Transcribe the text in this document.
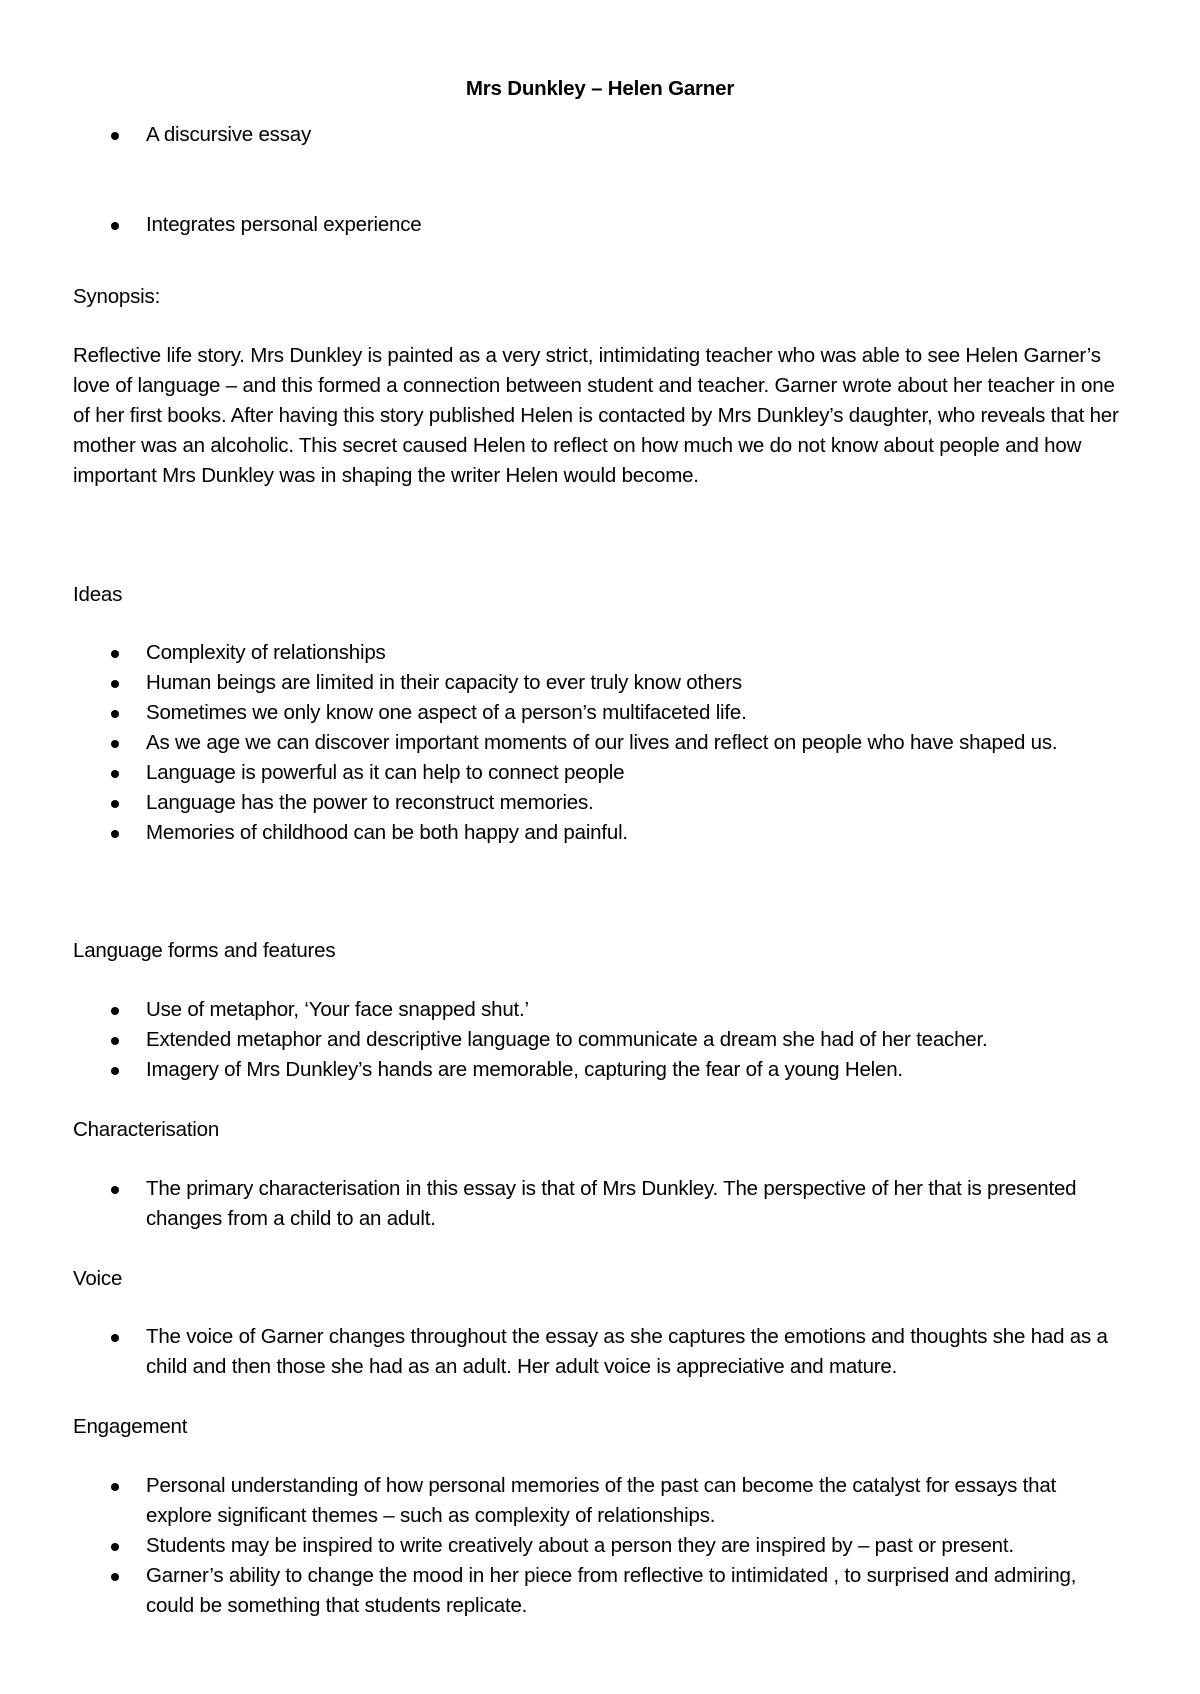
Mrs Dunkley – Helen Garner
A discursive essay
Integrates personal experience

Synopsis:

Reflective life story. Mrs Dunkley is painted as a very strict, intimidating teacher who was able to see Helen Garner’s love of language – and this formed a connection between student and teacher. Garner wrote about her teacher in one of her first books. After having this story published Helen is contacted by Mrs Dunkley’s daughter, who reveals that her mother was an alcoholic. This secret caused Helen to reflect on how much we do not know about people and how important Mrs Dunkley was in shaping the writer Helen would become.

Ideas

Complexity of relationships
Human beings are limited in their capacity to ever truly know others
Sometimes we only know one aspect of a person’s multifaceted life.
As we age we can discover important moments of our lives and reflect on people who have shaped us.
Language is powerful as it can help to connect people
Language has the power to reconstruct memories.
Memories of childhood can be both happy and painful.

Language forms and features

Use of metaphor, ‘Your face snapped shut.’
Extended metaphor and descriptive language to communicate a dream she had of her teacher.
Imagery of Mrs Dunkley’s hands are memorable, capturing the fear of a young Helen.

Characterisation

The primary characterisation in this essay is that of Mrs Dunkley. The perspective of her that is presented changes from a child to an adult.

Voice

The voice of Garner changes throughout the essay as she captures the emotions and thoughts she had as a child and then those she had as an adult. Her adult voice is appreciative and mature.

Engagement

Personal understanding of how personal memories of the past can become the catalyst for essays that explore significant themes – such as complexity of relationships.
Students may be inspired to write creatively about a person they are inspired by – past or present.
Garner’s ability to change the mood in her piece from reflective to intimidated , to surprised and admiring, could be something that students replicate.
